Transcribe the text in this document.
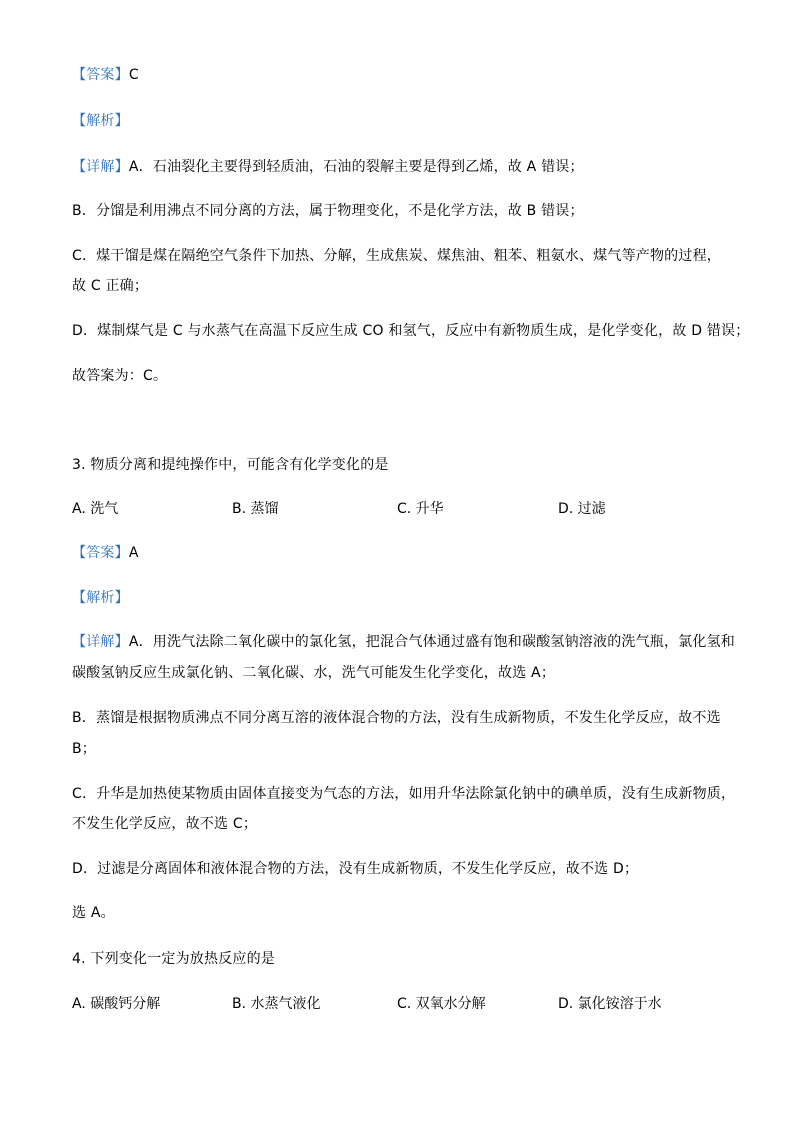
【答案】C
【解析】
【详解】A．石油裂化主要得到轻质油，石油的裂解主要是得到乙烯，故 A 错误；
B．分馏是利用沸点不同分离的方法，属于物理变化，不是化学方法，故 B 错误；
C．煤干馏是煤在隔绝空气条件下加热、分解，生成焦炭、煤焦油、粗苯、粗氨水、煤气等产物的过程，
故 C 正确；
D．煤制煤气是 C 与水蒸气在高温下反应生成 CO 和氢气，反应中有新物质生成，是化学变化，故 D 错误；
故答案为：C。
3. 物质分离和提纯操作中，可能含有化学变化的是
A. 洗气	B. 蒸馏	C. 升华	D. 过滤
【答案】A
【解析】
【详解】A．用洗气法除二氧化碳中的氯化氢，把混合气体通过盛有饱和碳酸氢钠溶液的洗气瓶，氯化氢和
碳酸氢钠反应生成氯化钠、二氧化碳、水，洗气可能发生化学变化，故选 A；
B．蒸馏是根据物质沸点不同分离互溶的液体混合物的方法，没有生成新物质，不发生化学反应，故不选
B；
C．升华是加热使某物质由固体直接变为气态的方法，如用升华法除氯化钠中的碘单质，没有生成新物质，
不发生化学反应，故不选 C；
D．过滤是分离固体和液体混合物的方法，没有生成新物质，不发生化学反应，故不选 D；
选 A。
4. 下列变化一定为放热反应的是
A. 碳酸钙分解	B. 水蒸气液化	C. 双氧水分解	D. 氯化铵溶于水
